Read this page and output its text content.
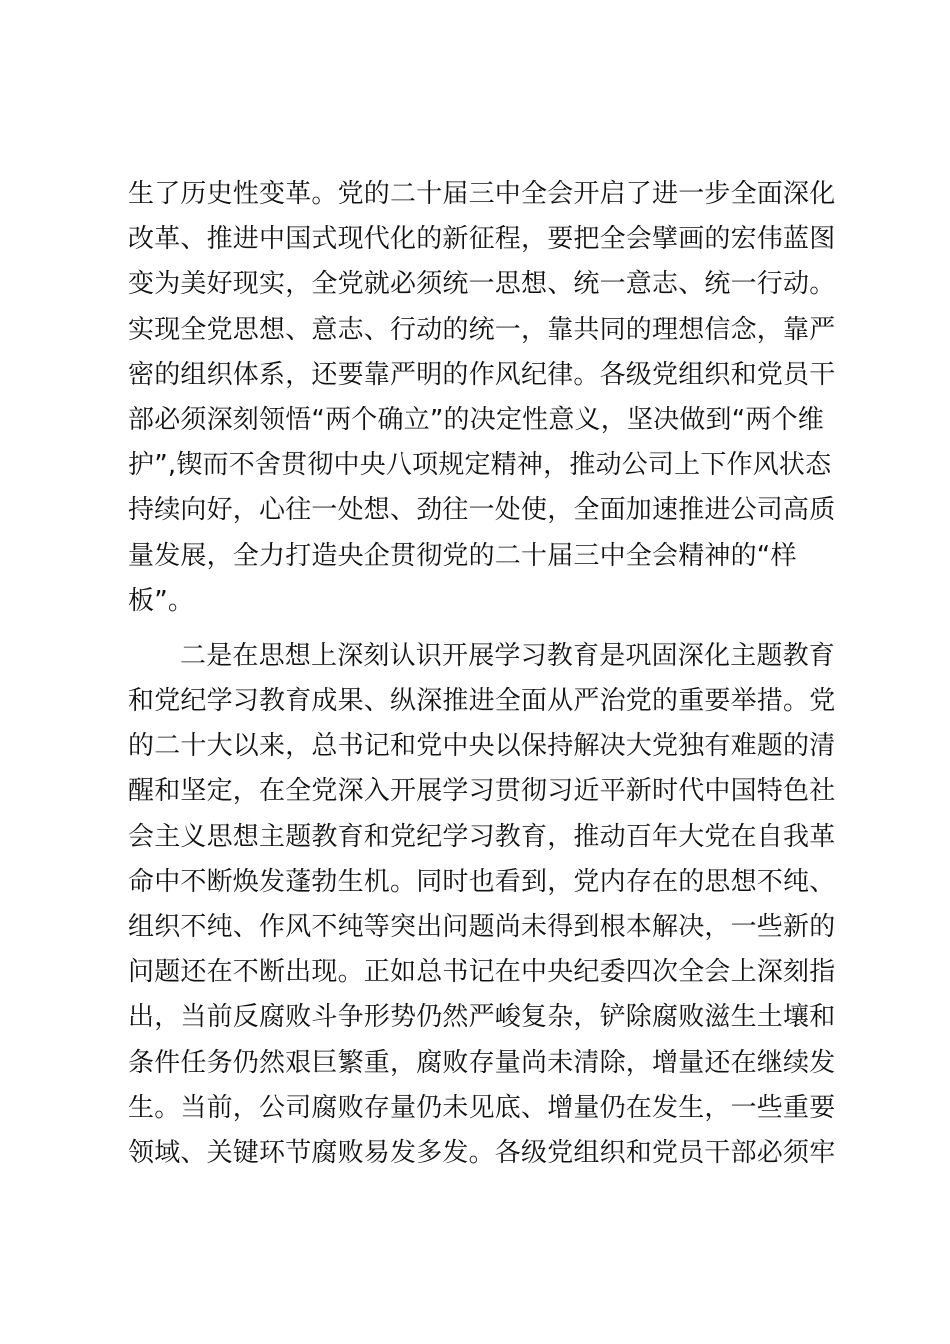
生了历史性变革。党的二十届三中全会开启了进一步全面深化
改革、推进中国式现代化的新征程，要把全会擘画的宏伟蓝图
变为美好现实，全党就必须统一思想、统一意志、统一行动。
实现全党思想、意志、行动的统一，靠共同的理想信念，靠严
密的组织体系，还要靠严明的作风纪律。各级党组织和党员干
部必须深刻领悟“两个确立”的决定性意义，坚决做到“两个维
护”,锲而不舍贯彻中央八项规定精神，推动公司上下作风状态
持续向好，心往一处想、劲往一处使，全面加速推进公司高质
量发展，全力打造央企贯彻党的二十届三中全会精神的“样
板”。
二是在思想上深刻认识开展学习教育是巩固深化主题教育
和党纪学习教育成果、纵深推进全面从严治党的重要举措。党
的二十大以来，总书记和党中央以保持解决大党独有难题的清
醒和坚定，在全党深入开展学习贯彻习近平新时代中国特色社
会主义思想主题教育和党纪学习教育，推动百年大党在自我革
命中不断焕发蓬勃生机。同时也看到，党内存在的思想不纯、
组织不纯、作风不纯等突出问题尚未得到根本解决，一些新的
问题还在不断出现。正如总书记在中央纪委四次全会上深刻指
出，当前反腐败斗争形势仍然严峻复杂，铲除腐败滋生土壤和
条件任务仍然艰巨繁重，腐败存量尚未清除，增量还在继续发
生。当前，公司腐败存量仍未见底、增量仍在发生，一些重要
领域、关键环节腐败易发多发。各级党组织和党员干部必须牢
